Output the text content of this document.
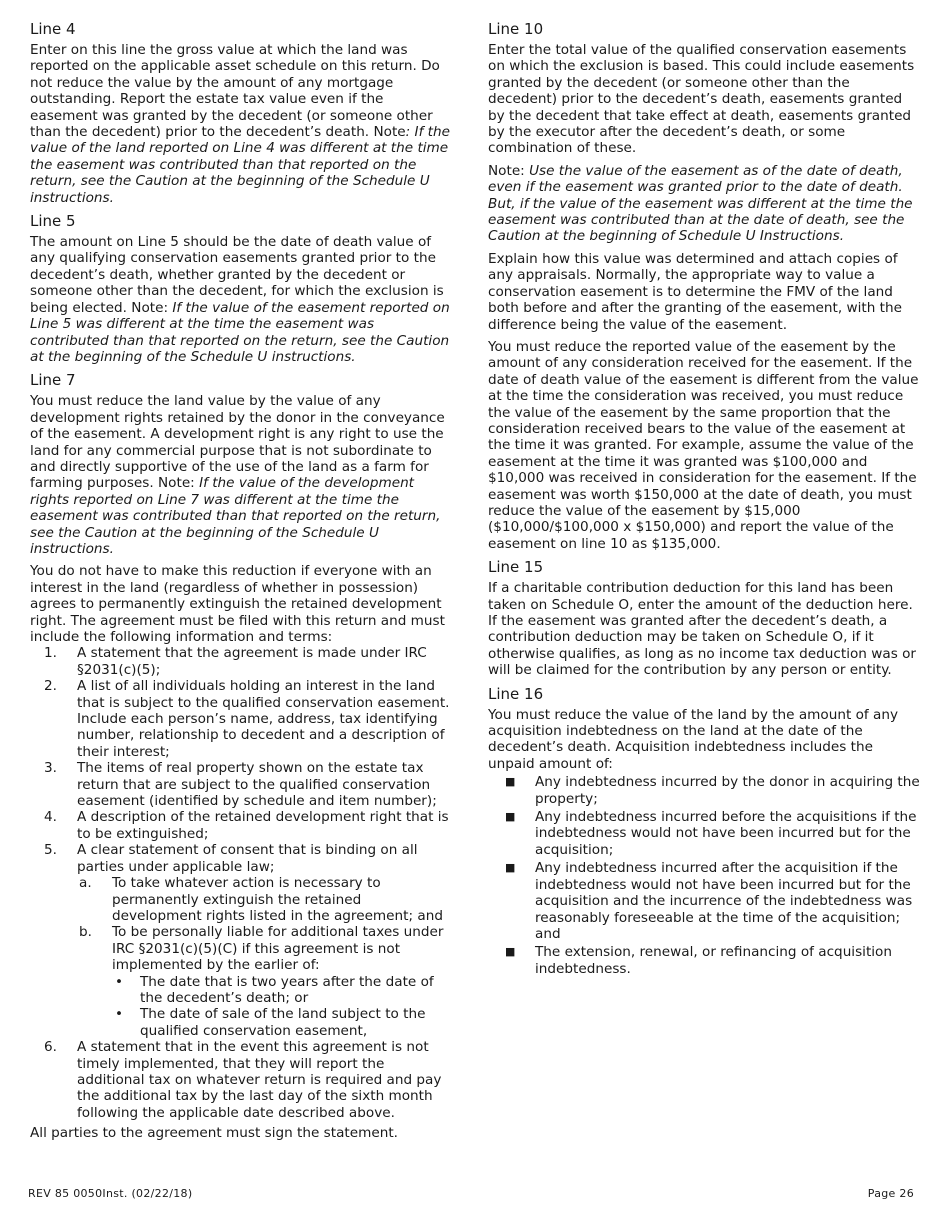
Line 4

Enter on this line the gross value at which the land was reported on the applicable asset schedule on this return. Do not reduce the value by the amount of any mortgage outstanding. Report the estate tax value even if the easement was granted by the decedent (or someone other than the decedent) prior to the decedent’s death. Note: If the value of the land reported on Line 4 was different at the time the easement was contributed than that reported on the return, see the Caution at the beginning of the Schedule U instructions.

Line 5

The amount on Line 5 should be the date of death value of any qualifying conservation easements granted prior to the decedent’s death, whether granted by the decedent or someone other than the decedent, for which the exclusion is being elected. Note: If the value of the easement reported on Line 5 was different at the time the easement was contributed than that reported on the return, see the Caution at the beginning of the Schedule U instructions.

Line 7

You must reduce the land value by the value of any development rights retained by the donor in the conveyance of the easement. A development right is any right to use the land for any commercial purpose that is not subordinate to and directly supportive of the use of the land as a farm for farming purposes. Note: If the value of the development rights reported on Line 7 was different at the time the easement was contributed than that reported on the return, see the Caution at the beginning of the Schedule U instructions.

You do not have to make this reduction if everyone with an interest in the land (regardless of whether in possession) agrees to permanently extinguish the retained development right. The agreement must be filed with this return and must include the following information and terms:

1. A statement that the agreement is made under IRC §2031(c)(5);
2. A list of all individuals holding an interest in the land that is subject to the qualified conservation easement. Include each person’s name, address, tax identifying number, relationship to decedent and a description of their interest;
3. The items of real property shown on the estate tax return that are subject to the qualified conservation easement (identified by schedule and item number);
4. A description of the retained development right that is to be extinguished;
5. A clear statement of consent that is binding on all parties under applicable law;
a. To take whatever action is necessary to permanently extinguish the retained development rights listed in the agreement; and
b. To be personally liable for additional taxes under IRC §2031(c)(5)(C) if this agreement is not implemented by the earlier of:
• The date that is two years after the date of the decedent’s death; or
• The date of sale of the land subject to the qualified conservation easement,
6. A statement that in the event this agreement is not timely implemented, that they will report the additional tax on whatever return is required and pay the additional tax by the last day of the sixth month following the applicable date described above.

All parties to the agreement must sign the statement.

Line 10

Enter the total value of the qualified conservation easements on which the exclusion is based. This could include easements granted by the decedent (or someone other than the decedent) prior to the decedent’s death, easements granted by the decedent that take effect at death, easements granted by the executor after the decedent’s death, or some combination of these.

Note: Use the value of the easement as of the date of death, even if the easement was granted prior to the date of death. But, if the value of the easement was different at the time the easement was contributed than at the date of death, see the Caution at the beginning of Schedule U Instructions.

Explain how this value was determined and attach copies of any appraisals. Normally, the appropriate way to value a conservation easement is to determine the FMV of the land both before and after the granting of the easement, with the difference being the value of the easement.

You must reduce the reported value of the easement by the amount of any consideration received for the easement. If the date of death value of the easement is different from the value at the time the consideration was received, you must reduce the value of the easement by the same proportion that the consideration received bears to the value of the easement at the time it was granted. For example, assume the value of the easement at the time it was granted was $100,000 and $10,000 was received in consideration for the easement. If the easement was worth $150,000 at the date of death, you must reduce the value of the easement by $15,000 ($10,000/$100,000 x $150,000) and report the value of the easement on line 10 as $135,000.

Line 15

If a charitable contribution deduction for this land has been taken on Schedule O, enter the amount of the deduction here. If the easement was granted after the decedent’s death, a contribution deduction may be taken on Schedule O, if it otherwise qualifies, as long as no income tax deduction was or will be claimed for the contribution by any person or entity.

Line 16

You must reduce the value of the land by the amount of any acquisition indebtedness on the land at the date of the decedent’s death. Acquisition indebtedness includes the unpaid amount of:

■ Any indebtedness incurred by the donor in acquiring the property;
■ Any indebtedness incurred before the acquisitions if the indebtedness would not have been incurred but for the acquisition;
■ Any indebtedness incurred after the acquisition if the indebtedness would not have been incurred but for the acquisition and the incurrence of the indebtedness was reasonably foreseeable at the time of the acquisition; and
■ The extension, renewal, or refinancing of acquisition indebtedness.
REV 85 0050Inst. (02/22/18)	Page 26
